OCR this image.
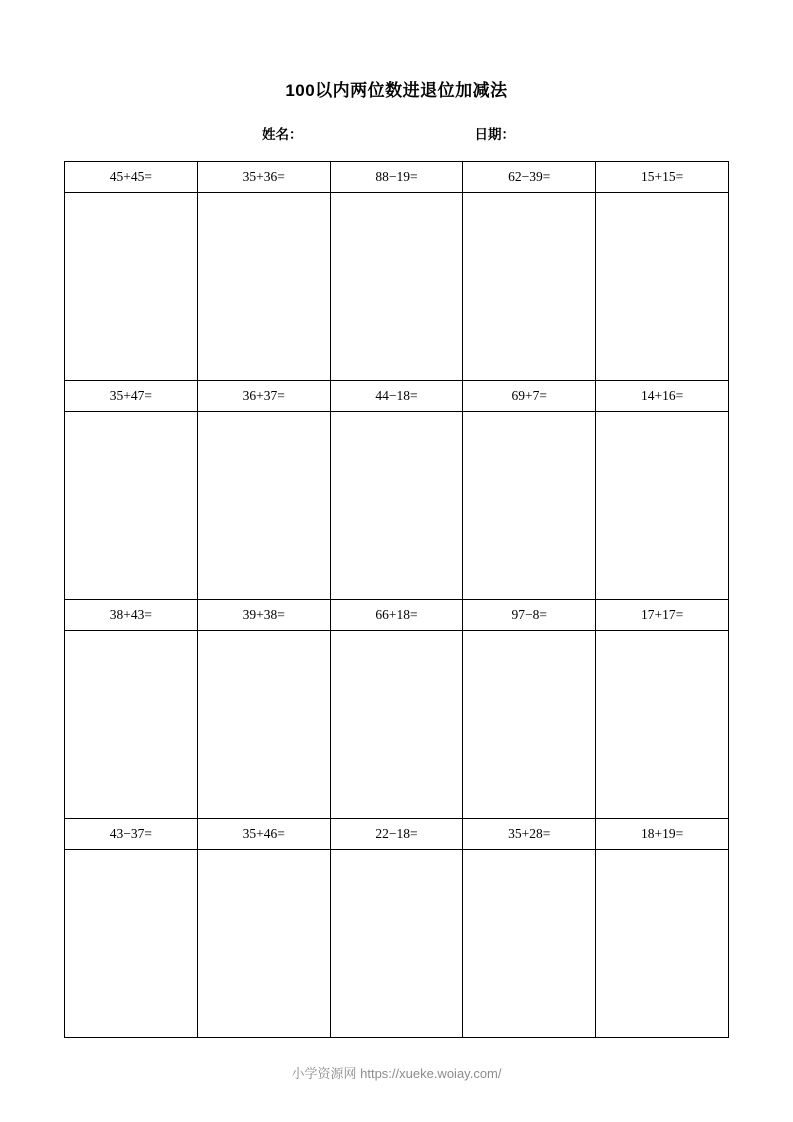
100以内两位数进退位加减法
姓名：	日期：
45+45=	35+36=	88−19=	62−39=	15+15=

35+47=	36+37=	44−18=	69+7=	14+16=

38+43=	39+38=	66+18=	97−8=	17+17=

43−37=	35+46=	22−18=	35+28=	18+19=

小学资源网 https://xueke.woiay.com/
